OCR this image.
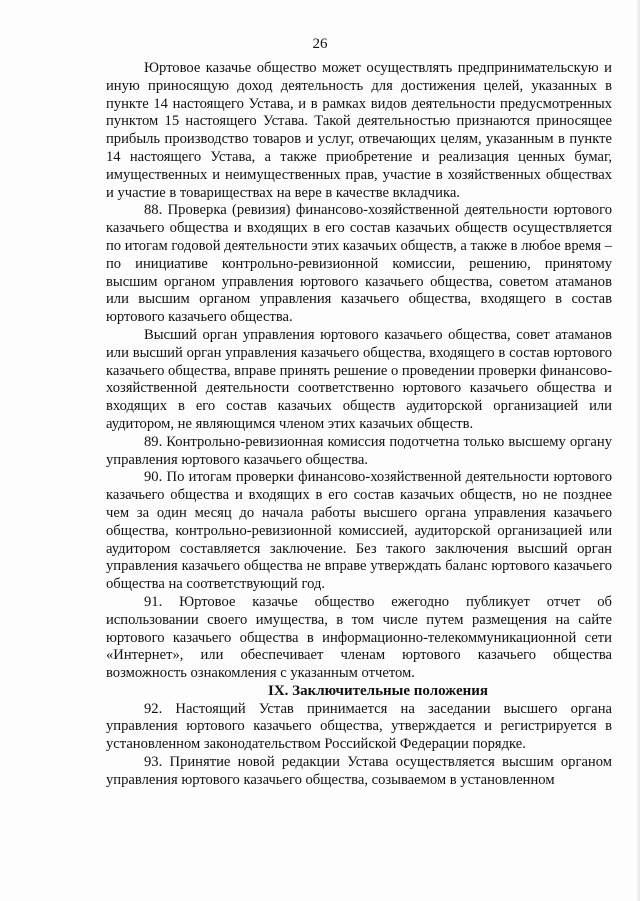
26

Юртовое казачье общество может осуществлять предпринимательскую и иную приносящую доход деятельность для достижения целей, указанных в пункте 14 настоящего Устава, и в рамках видов деятельности предусмотренных пунктом 15 настоящего Устава. Такой деятельностью признаются приносящее прибыль производство товаров и услуг, отвечающих целям, указанным в пункте 14 настоящего Устава, а также приобретение и реализация ценных бумаг, имущественных и неимущественных прав, участие в хозяйственных обществах и участие в товариществах на вере в качестве вкладчика.

88. Проверка (ревизия) финансово-хозяйственной деятельности юртового казачьего общества и входящих в его состав казачьих обществ осуществляется по итогам годовой деятельности этих казачьих обществ, а также в любое время – по инициативе контрольно-ревизионной комиссии, решению, принятому высшим органом управления юртового казачьего общества, советом атаманов или высшим органом управления казачьего общества, входящего в состав юртового казачьего общества.

Высший орган управления юртового казачьего общества, совет атаманов или высший орган управления казачьего общества, входящего в состав юртового казачьего общества, вправе принять решение о проведении проверки финансово-хозяйственной деятельности соответственно юртового казачьего общества и входящих в его состав казачьих обществ аудиторской организацией или аудитором, не являющимся членом этих казачьих обществ.

89. Контрольно-ревизионная комиссия подотчетна только высшему органу управления юртового казачьего общества.

90. По итогам проверки финансово-хозяйственной деятельности юртового казачьего общества и входящих в его состав казачьих обществ, но не позднее чем за один месяц до начала работы высшего органа управления казачьего общества, контрольно-ревизионной комиссией, аудиторской организацией или аудитором составляется заключение. Без такого заключения высший орган управления казачьего общества не вправе утверждать баланс юртового казачьего общества на соответствующий год.

91. Юртовое казачье общество ежегодно публикует отчет об использовании своего имущества, в том числе путем размещения на сайте юртового казачьего общества в информационно-телекоммуникационной сети «Интернет», или обеспечивает членам юртового казачьего общества возможность ознакомления с указанным отчетом.

IX. Заключительные положения

92. Настоящий Устав принимается на заседании высшего органа управления юртового казачьего общества, утверждается и регистрируется в установленном законодательством Российской Федерации порядке.

93. Принятие новой редакции Устава осуществляется высшим органом управления юртового казачьего общества, созываемом в установленном
